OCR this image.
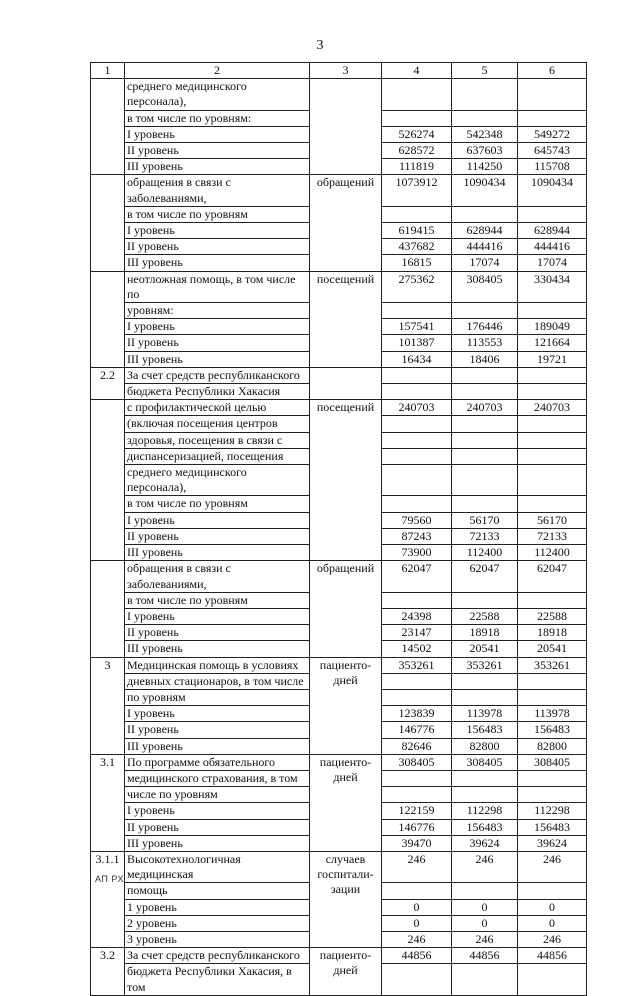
3
1	2	3	4	5	6
	среднего медицинского персонала),				
	в том числе по уровням:				
	I уровень		526274	542348	549272
	II уровень		628572	637603	645743
	III уровень		111819	114250	115708
	обращения в связи с заболеваниями,	обращений	1073912	1090434	1090434
	в том числе по уровням				
	I уровень		619415	628944	628944
	II уровень		437682	444416	444416
	III уровень		16815	17074	17074
	неотложная помощь, в том числе по	посещений	275362	308405	330434
	уровням:				
	I уровень		157541	176446	189049
	II уровень		101387	113553	121664
	III уровень		16434	18406	19721
2.2	За счет средств республиканского				
	бюджета Республики Хакасия				
	с профилактической целью	посещений	240703	240703	240703
	(включая посещения центров				
	здоровья, посещения в связи с				
	диспансеризацией, посещения				
	среднего медицинского персонала),				
	в том числе по уровням				
	I уровень		79560	56170	56170
	II уровень		87243	72133	72133
	III уровень		73900	112400	112400
	обращения в связи с заболеваниями,	обращений	62047	62047	62047
	в том числе по уровням				
	I уровень		24398	22588	22588
	II уровень		23147	18918	18918
	III уровень		14502	20541	20541
3	Медицинская помощь в условиях	пациенто-дней	353261	353261	353261
	дневных стационаров, в том числе				
	по уровням				
	I уровень		123839	113978	113978
	II уровень		146776	156483	156483
	III уровень		82646	82800	82800
3.1	По программе обязательного	пациенто-дней	308405	308405	308405
	медицинского страхования, в том				
	числе по уровням				
	I уровень		122159	112298	112298
	II уровень		146776	156483	156483
	III уровень		39470	39624	39624
3.1.1	Высокотехнологичная медицинская	случаев госпитали-зации	246	246	246
	помощь				
	1 уровень		0	0	0
	2 уровень		0	0	0
	3 уровень		246	246	246
3.2	За счет средств республиканского	пациенто-дней	44856	44856	44856
	бюджета Республики Хакасия, в том				
АП РХ
